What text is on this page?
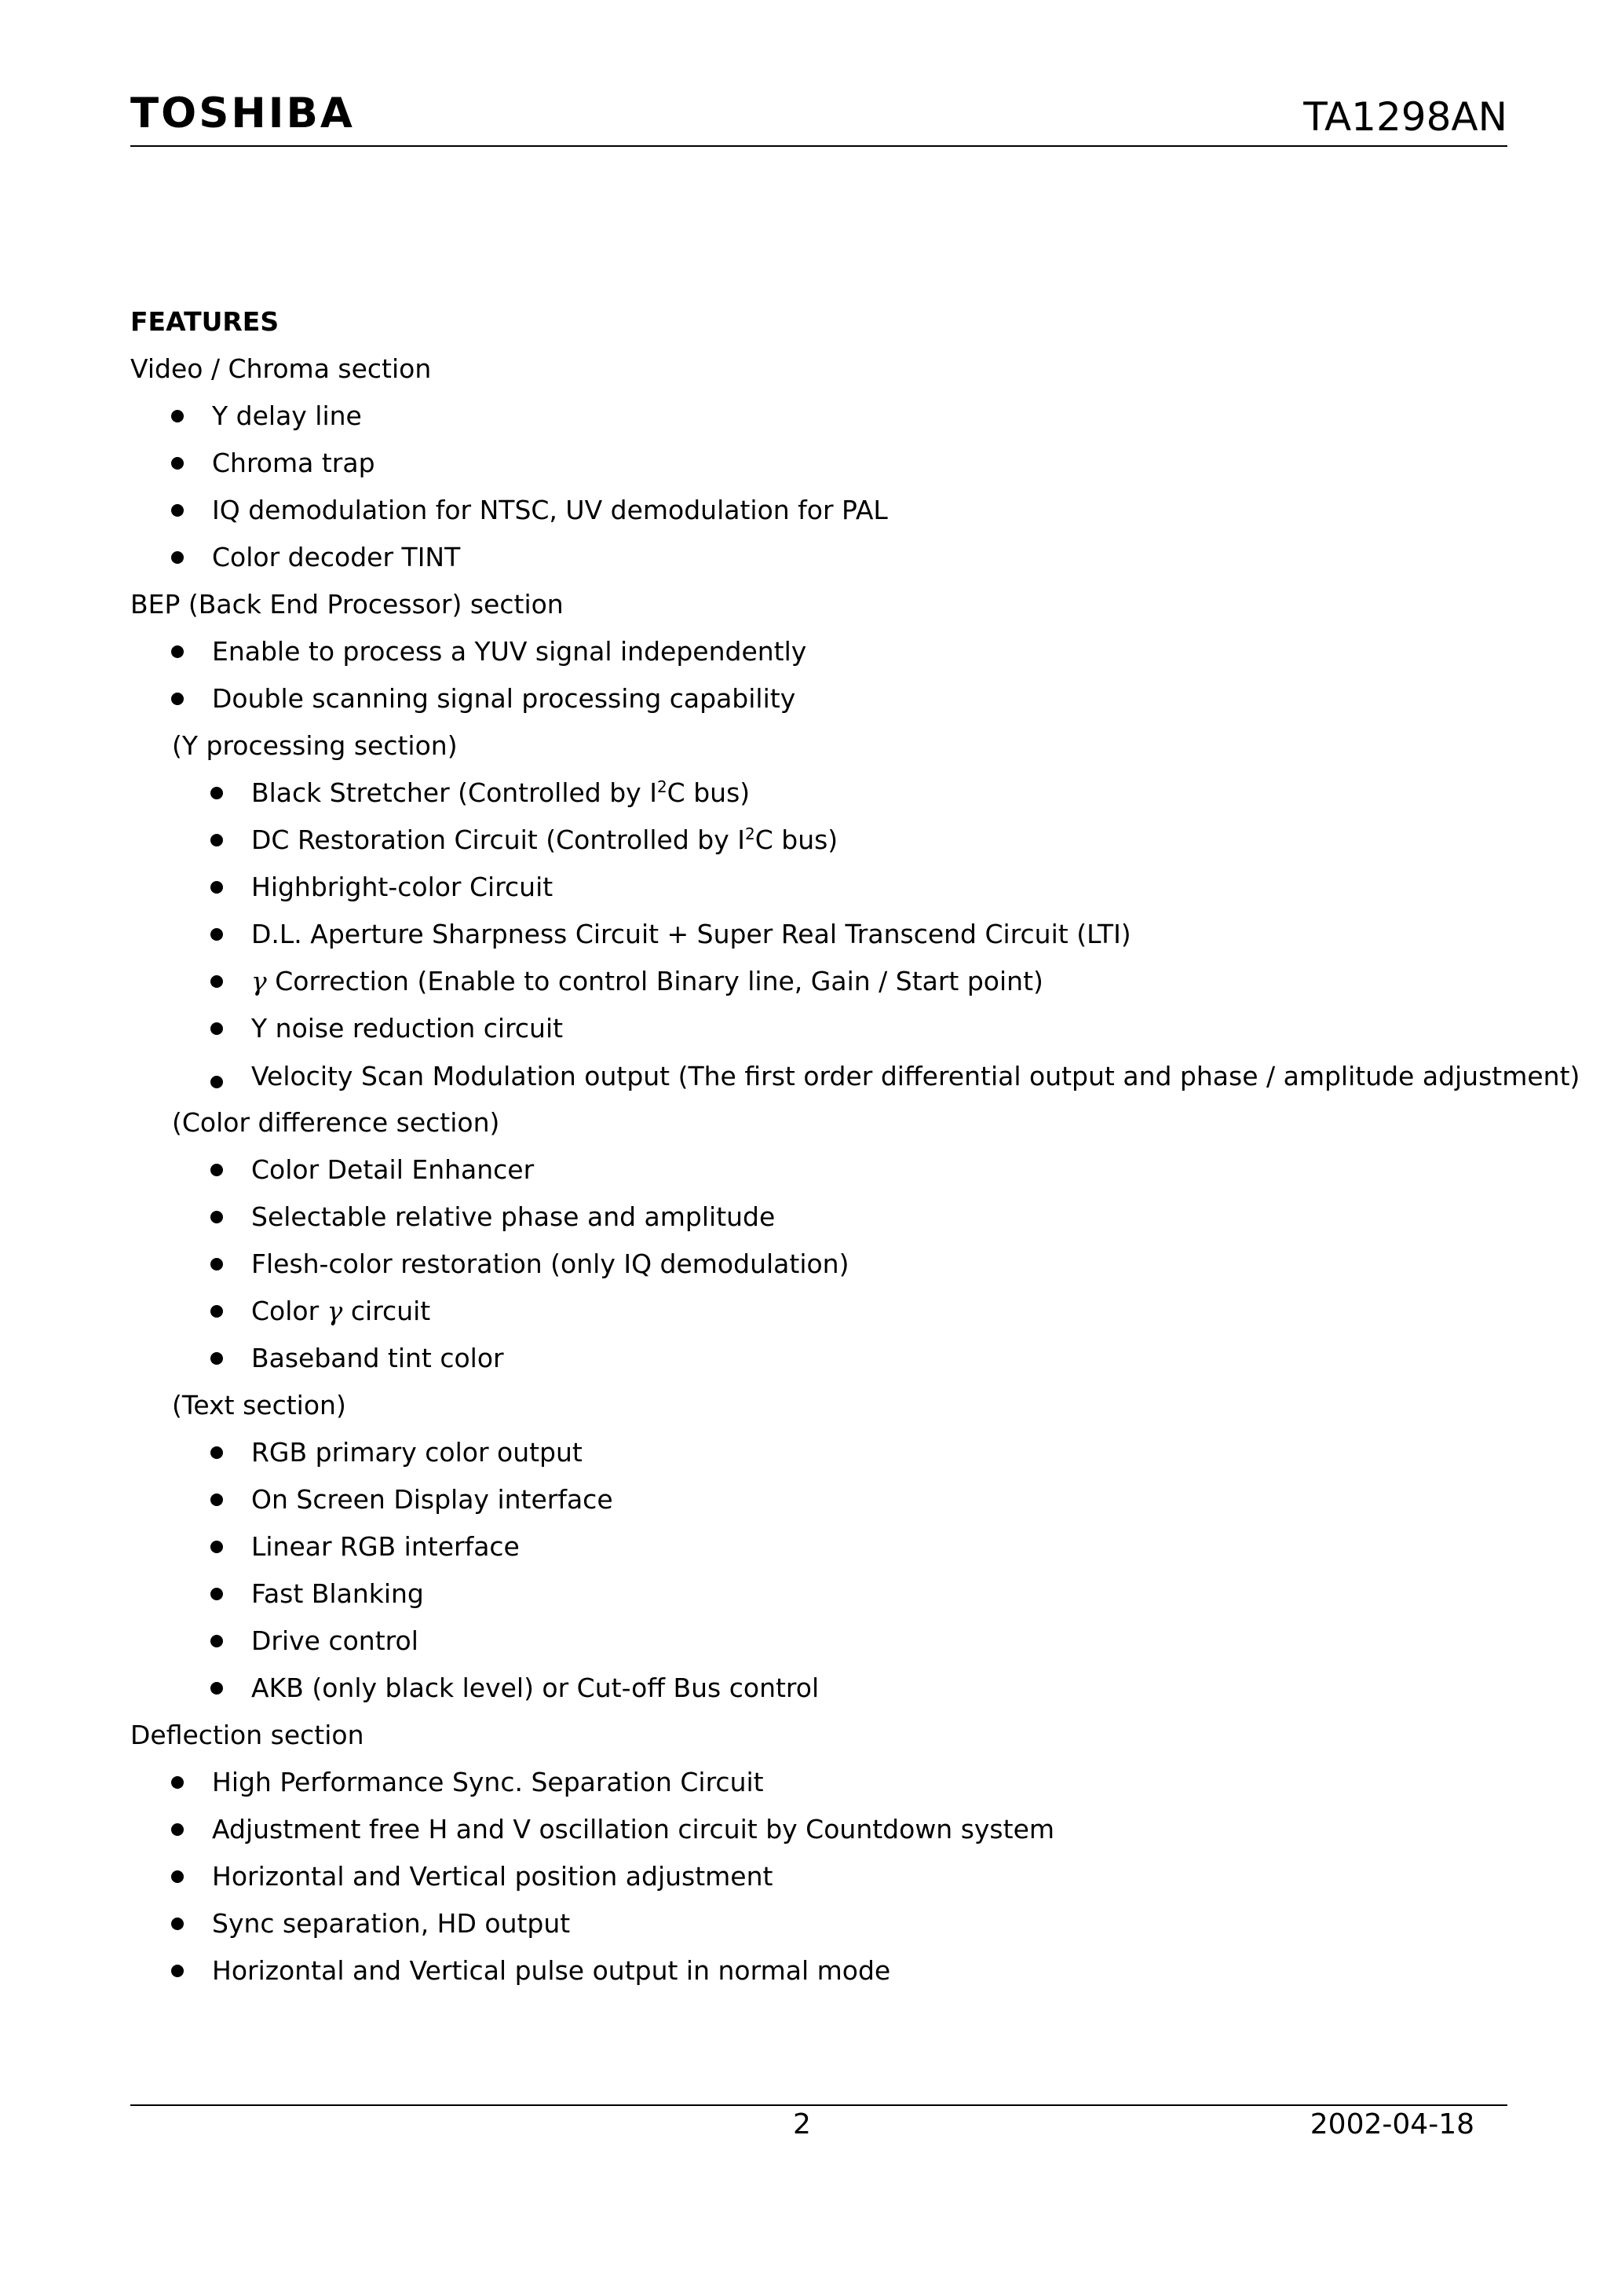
TOSHIBA	TA1298AN
FEATURES
Video / Chroma section
Y delay line
Chroma trap
IQ demodulation for NTSC, UV demodulation for PAL
Color decoder TINT
BEP (Back End Processor) section
Enable to process a YUV signal independently
Double scanning signal processing capability
(Y processing section)
Black Stretcher (Controlled by $I^2C$ bus)
DC Restoration Circuit (Controlled by $I^2C$ bus)
Highbright-color Circuit
D.L. Aperture Sharpness Circuit + Super Real Transcend Circuit (LTI)
γ Correction (Enable to control Binary line, Gain / Start point)
Y noise reduction circuit
Velocity Scan Modulation output (The first order differential output and phase / amplitude adjustment)
(Color difference section)
Color Detail Enhancer
Selectable relative phase and amplitude
Flesh-color restoration (only IQ demodulation)
Color γ circuit
Baseband tint color
(Text section)
RGB primary color output
On Screen Display interface
Linear RGB interface
Fast Blanking
Drive control
AKB (only black level) or Cut-off Bus control
Deflection section
High Performance Sync. Separation Circuit
Adjustment free H and V oscillation circuit by Countdown system
Horizontal and Vertical position adjustment
Sync separation, HD output
Horizontal and Vertical pulse output in normal mode
2	2002-04-18
